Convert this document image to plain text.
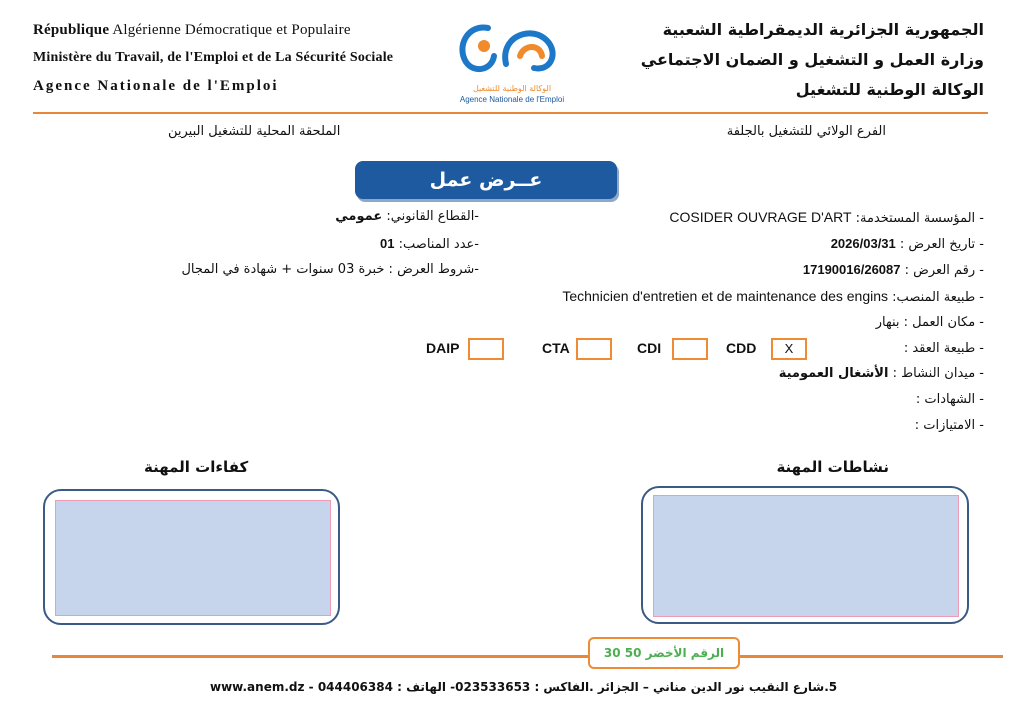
République Algérienne Démocratique et Populaire
Ministère du Travail, de l'Emploi et de La Sécurité Sociale
Agence Nationale de l'Emploi	الوكالة الوطنية للتشغيل
Agence Nationale de l'Emploi
الجمهورية الجزائرية الديمقراطية الشعبية
وزارة العمل و التشغيل و الضمان الاجتماعي
الوكالة الوطنية للتشغيل
الفرع الولائي للتشغيل بالجلفة
الملحقة المحلية للتشغيل البيرين
عــرض عمل
- المؤسسة المستخدمة: COSIDER OUVRAGE D'ART
- تاريخ العرض : 2026/03/31
- رقم العرض : 17190016/26087
- طبيعة المنصب: Technicien d'entretien et de maintenance des engins
- مكان العمل : بنهار
- طبيعة العقد :
- ميدان النشاط : الأشغال العمومية
- الشهادات :
- الامتيازات :
CDD	X
CDI
CTA
DAIP
-القطاع القانوني: عمومي
-عدد المناصب: 01
-شروط العرض : خبرة 03 سنوات + شهادة في المجال
نشاطات المهنة
كفاءات المهنة
الرقم الأخضر 50 30
5.شارع النقيب نور الدين مناني – الجزائر .الفاكس : 023533653- الهاتف : 044406384 - www.anem.dz
